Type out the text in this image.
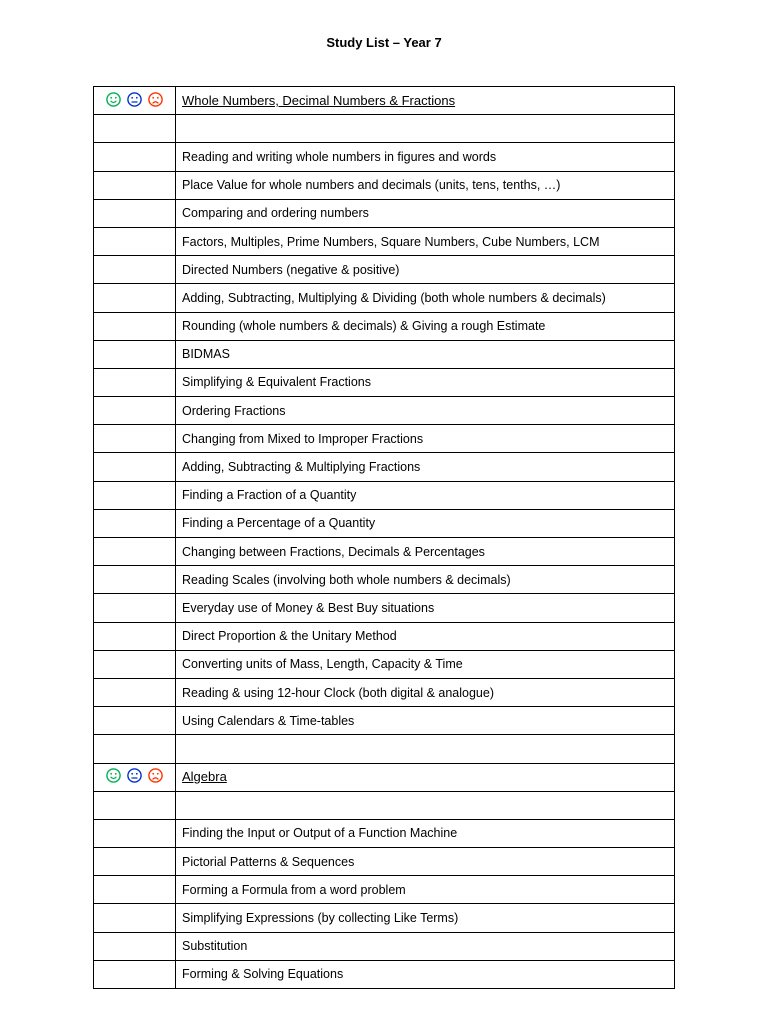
Study List – Year 7
	Whole Numbers, Decimal Numbers & Fractions

	Reading and writing whole numbers in figures and words
	Place Value for whole numbers and decimals (units, tens, tenths, …)
	Comparing and ordering numbers
	Factors, Multiples, Prime Numbers, Square Numbers, Cube Numbers, LCM
	Directed Numbers (negative & positive)
	Adding, Subtracting, Multiplying & Dividing (both whole numbers & decimals)
	Rounding (whole numbers & decimals) & Giving a rough Estimate
	BIDMAS
	Simplifying & Equivalent Fractions
	Ordering Fractions
	Changing from Mixed to Improper Fractions
	Adding, Subtracting & Multiplying Fractions
	Finding a Fraction of a Quantity
	Finding a Percentage of a Quantity
	Changing between Fractions, Decimals & Percentages
	Reading Scales (involving both whole numbers & decimals)
	Everyday use of Money & Best Buy situations
	Direct Proportion & the Unitary Method
	Converting units of Mass, Length, Capacity & Time
	Reading & using 12-hour Clock (both digital & analogue)
	Using Calendars & Time-tables

	Algebra

	Finding the Input or Output of a Function Machine
	Pictorial Patterns & Sequences
	Forming a Formula from a word problem
	Simplifying Expressions (by collecting Like Terms)
	Substitution
	Forming & Solving Equations
